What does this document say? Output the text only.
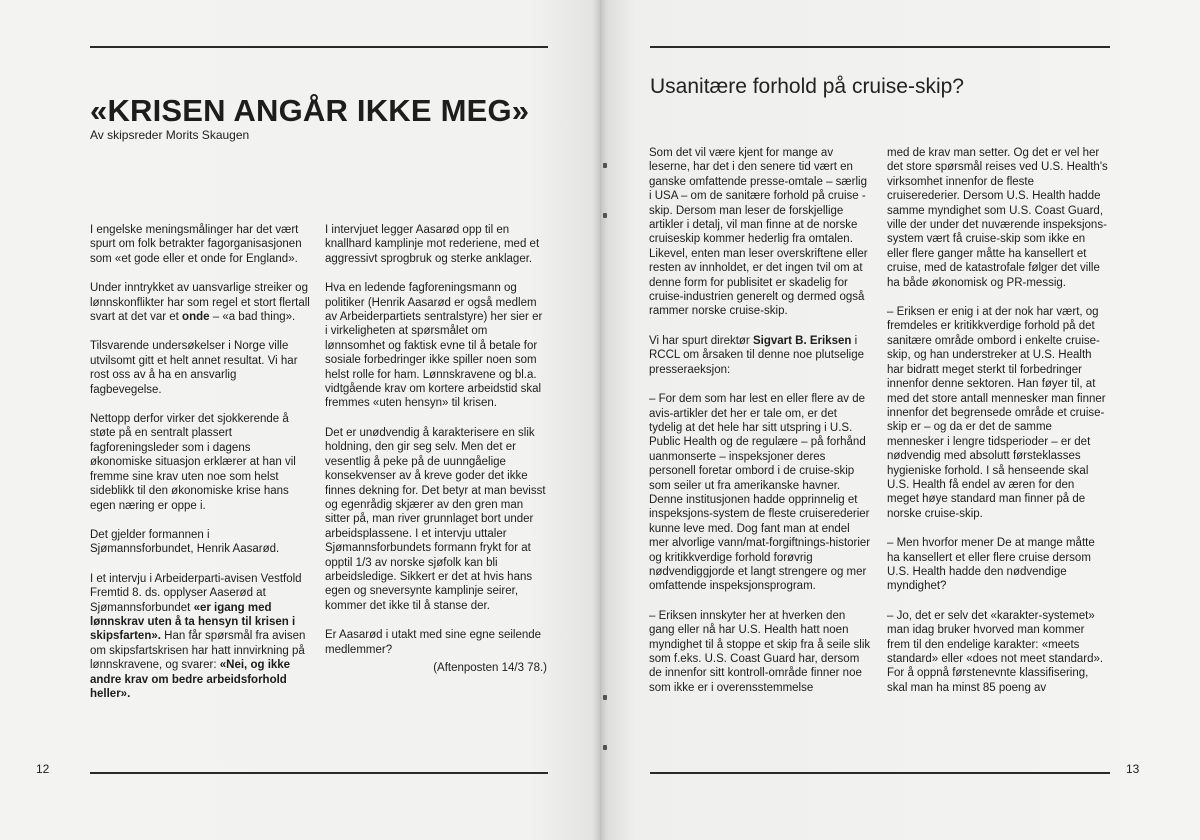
«KRISEN ANGÅR IKKE MEG»
Av skipsreder Morits Skaugen

I engelske meningsmålinger har det vært spurt om folk betrakter fagorganisasjonen som «et gode eller et onde for England».

Under inntrykket av uansvarlige streiker og lønnskonflikter har som regel et stort flertall svart at det var et onde – «a bad thing».

Tilsvarende undersøkelser i Norge ville utvilsomt gitt et helt annet resultat. Vi har rost oss av å ha en ansvarlig fagbevegelse.

Nettopp derfor virker det sjokkerende å støte på en sentralt plassert fagforeningsleder som i dagens økonomiske situasjon erklærer at han vil fremme sine krav uten noe som helst sideblikk til den økonomiske krise hans egen næring er oppe i.

Det gjelder formannen i Sjømannsforbundet, Henrik Aasarød.

I et intervju i Arbeiderparti-avisen Vestfold Fremtid 8. ds. opplyser Aaserød at Sjømannsforbundet «er igang med lønnskrav uten å ta hensyn til krisen i skipsfarten». Han får spørsmål fra avisen om skipsfartskrisen har hatt innvirkning på lønnskravene, og svarer: «Nei, og ikke andre krav om bedre arbeidsforhold heller».

I intervjuet legger Aasarød opp til en knallhard kamplinje mot rederiene, med et aggressivt sprogbruk og sterke anklager.

Hva en ledende fagforeningsmann og politiker (Henrik Aasarød er også medlem av Arbeiderpartiets sentralstyre) her sier er i virkeligheten at spørsmålet om lønnsomhet og faktisk evne til å betale for sosiale forbedringer ikke spiller noen som helst rolle for ham. Lønnskravene og bl.a. vidtgående krav om kortere arbeidstid skal fremmes «uten hensyn» til krisen.

Det er unødvendig å karakterisere en slik holdning, den gir seg selv. Men det er vesentlig å peke på de uunngåelige konsekvenser av å kreve goder det ikke finnes dekning for. Det betyr at man bevisst og egenrådig skjærer av den gren man sitter på, man river grunnlaget bort under arbeidsplassene. I et intervju uttaler Sjømannsforbundets formann frykt for at opptil 1/3 av norske sjøfolk kan bli arbeidsledige. Sikkert er det at hvis hans egen og sneversynte kamplinje seirer, kommer det ikke til å stanse der.

Er Aasarød i utakt med sine egne seilende medlemmer?

(Aftenposten 14/3 78.)
12
Usanitære forhold på cruise-skip?

Som det vil være kjent for mange av leserne, har det i den senere tid vært en ganske omfattende presse-omtale – særlig i USA – om de sanitære forhold på cruise - skip. Dersom man leser de forskjellige artikler i detalj, vil man finne at de norske cruiseskip kommer hederlig fra omtalen. Likevel, enten man leser overskriftene eller resten av innholdet, er det ingen tvil om at denne form for publisitet er skadelig for cruise-industrien generelt og dermed også rammer norske cruise-skip.

Vi har spurt direktør Sigvart B. Eriksen i RCCL om årsaken til denne noe plutselige presseraeksjon:

– For dem som har lest en eller flere av de avis-artikler det her er tale om, er det tydelig at det hele har sitt utspring i U.S. Public Health og de regulære – på forhånd uanmonserte – inspeksjoner deres personell foretar ombord i de cruise-skip som seiler ut fra amerikanske havner. Denne institusjonen hadde opprinnelig et inspeksjons-system de fleste cruiserederier kunne leve med. Dog fant man at endel mer alvorlige vann/mat-forgiftnings-historier og kritikkverdige forhold forøvrig nødvendiggjorde et langt strengere og mer omfattende inspeksjonsprogram.

– Eriksen innskyter her at hverken den gang eller nå har U.S. Health hatt noen myndighet til å stoppe et skip fra å seile slik som f.eks. U.S. Coast Guard har, dersom de innenfor sitt kontroll-område finner noe som ikke er i overensstemmelse

med de krav man setter. Og det er vel her det store spørsmål reises ved U.S. Health's virksomhet innenfor de fleste cruiserederier. Dersom U.S. Health hadde samme myndighet som U.S. Coast Guard, ville der under det nuværende inspeksjons-system vært få cruise-skip som ikke en eller flere ganger måtte ha kansellert et cruise, med de katastrofale følger det ville ha både økonomisk og PR-messig.

– Eriksen er enig i at der nok har vært, og fremdeles er kritikkverdige forhold på det sanitære område ombord i enkelte cruise-skip, og han understreker at U.S. Health har bidratt meget sterkt til forbedringer innenfor denne sektoren. Han føyer til, at med det store antall mennesker man finner innenfor det begrensede område et cruise-skip er – og da er det de samme mennesker i lengre tidsperioder – er det nødvendig med absolutt førsteklasses hygieniske forhold. I så henseende skal U.S. Health få endel av æren for den meget høye standard man finner på de norske cruise-skip.

– Men hvorfor mener De at mange måtte ha kansellert et eller flere cruise dersom U.S. Health hadde den nødvendige myndighet?

– Jo, det er selv det «karakter-systemet» man idag bruker hvorved man kommer frem til den endelige karakter: «meets standard» eller «does not meet standard». For å oppnå førstenevnte klassifisering, skal man ha minst 85 poeng av

13
